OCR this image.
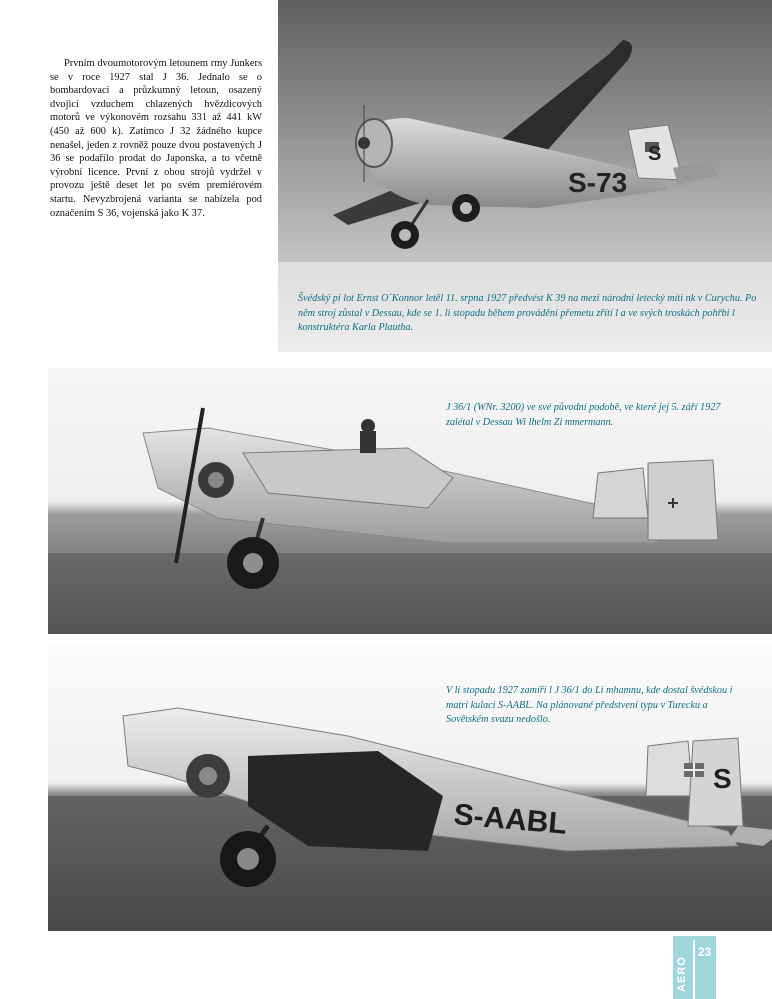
Prvním dvoumotorovým letounem rmy Junkers se v roce 1927 stal J 36. Jednalo se o bombardovací a průzkumný letoun, osazený dvojicí vzduchem chlazených hvězdicových motorů ve výkonovém rozsahu 331 až 441 kW (450 až 600 k). Zatímco J 32 žádného kupce nenašel, jeden z rovněž pouze dvou postavených J 36 se podařilo prodat do Japonska, a to včetně výrobní licence. První z obou strojů vydržel v provozu ještě deset let po svém premiérovém startu. Nevyzbrojená varianta se nabízela pod označením S 36, vojenská jako K 37.

S
S-73

Švédský pi lot Ernst O´Konnor letěl 11. srpna 1927 předvést K 39 na mezi národní letecký míti nk v Curychu. Po něm stroj zůstal v Dessau, kde se 1. li stopadu během provádění přemetu zřítí l a ve svých troskách pohřbi l konstruktéra Karla Plautha.

J 36/1 (WNr. 3200) ve své původní podobě, ve které jej 5. září 1927 zalétal v Dessau Wi lhelm Zi mmermann.

S
S-AABL

V li stopadu 1927 zamíři l J 36/1 do Li mhamnu, kde dostal švédskou i matri kulaci S-AABL. Na plánované předstvení typu v Turecku a Sovětském svazu nedošlo.

AERO
23
